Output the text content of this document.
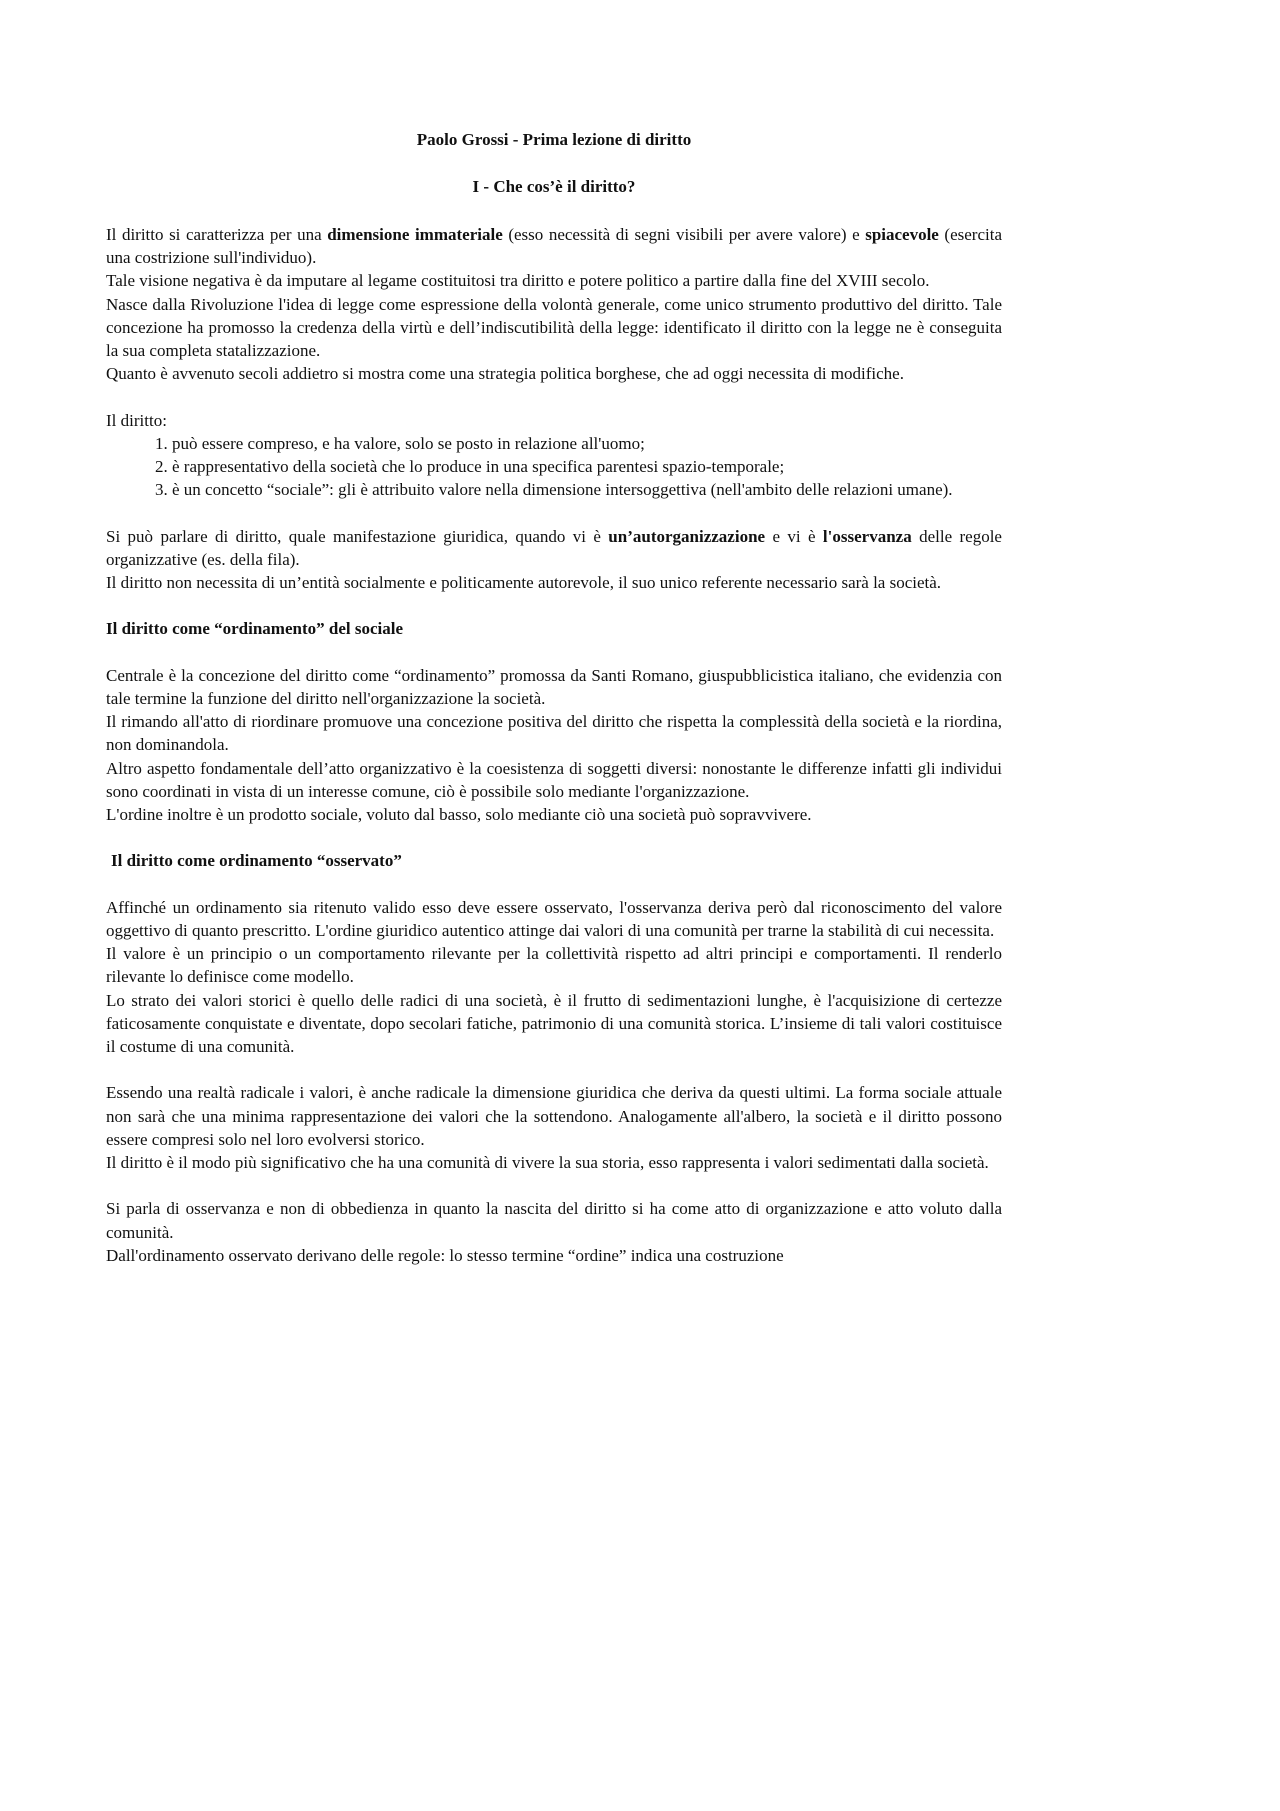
Paolo Grossi - Prima lezione di diritto

I - Che cos’è il diritto?

Il diritto si caratterizza per una dimensione immateriale (esso necessità di segni visibili per avere valore) e spiacevole (esercita una costrizione sull'individuo).

Tale visione negativa è da imputare al legame costituitosi tra diritto e potere politico a partire dalla fine del XVIII secolo.

Nasce dalla Rivoluzione l'idea di legge come espressione della volontà generale, come unico strumento produttivo del diritto. Tale concezione ha promosso la credenza della virtù e dell’indiscutibilità della legge: identificato il diritto con la legge ne è conseguita la sua completa statalizzazione.

Quanto è avvenuto secoli addietro si mostra come una strategia politica borghese, che ad oggi necessita di modifiche.

Il diritto:

1. può essere compreso, e ha valore, solo se posto in relazione all'uomo;
2. è rappresentativo della società che lo produce in una specifica parentesi spazio-temporale;
3. è un concetto “sociale”: gli è attribuito valore nella dimensione intersoggettiva (nell'ambito delle relazioni umane).

Si può parlare di diritto, quale manifestazione giuridica, quando vi è un’autorganizzazione e vi è l'osservanza delle regole organizzative (es. della fila).

Il diritto non necessita di un’entità socialmente e politicamente autorevole, il suo unico referente necessario sarà la società.

Il diritto come “ordinamento” del sociale

Centrale è la concezione del diritto come “ordinamento” promossa da Santi Romano, giuspubblicistica italiano, che evidenzia con tale termine la funzione del diritto nell'organizzazione la società.

Il rimando all'atto di riordinare promuove una concezione positiva del diritto che rispetta la complessità della società e la riordina, non dominandola.

Altro aspetto fondamentale dell’atto organizzativo è la coesistenza di soggetti diversi: nonostante le differenze infatti gli individui sono coordinati in vista di un interesse comune, ciò è possibile solo mediante l'organizzazione.

L'ordine inoltre è un prodotto sociale, voluto dal basso, solo mediante ciò una società può sopravvivere.

Il diritto come ordinamento “osservato”

Affinché un ordinamento sia ritenuto valido esso deve essere osservato, l'osservanza deriva però dal riconoscimento del valore oggettivo di quanto prescritto. L'ordine giuridico autentico attinge dai valori di una comunità per trarne la stabilità di cui necessita.

Il valore è un principio o un comportamento rilevante per la collettività rispetto ad altri principi e comportamenti. Il renderlo rilevante lo definisce come modello.

Lo strato dei valori storici è quello delle radici di una società, è il frutto di sedimentazioni lunghe, è l'acquisizione di certezze faticosamente conquistate e diventate, dopo secolari fatiche, patrimonio di una comunità storica. L’insieme di tali valori costituisce il costume di una comunità.

Essendo una realtà radicale i valori, è anche radicale la dimensione giuridica che deriva da questi ultimi. La forma sociale attuale non sarà che una minima rappresentazione dei valori che la sottendono. Analogamente all'albero, la società e il diritto possono essere compresi solo nel loro evolversi storico.

Il diritto è il modo più significativo che ha una comunità di vivere la sua storia, esso rappresenta i valori sedimentati dalla società.

Si parla di osservanza e non di obbedienza in quanto la nascita del diritto si ha come atto di organizzazione e atto voluto dalla comunità.

Dall'ordinamento osservato derivano delle regole: lo stesso termine “ordine” indica una costruzione
